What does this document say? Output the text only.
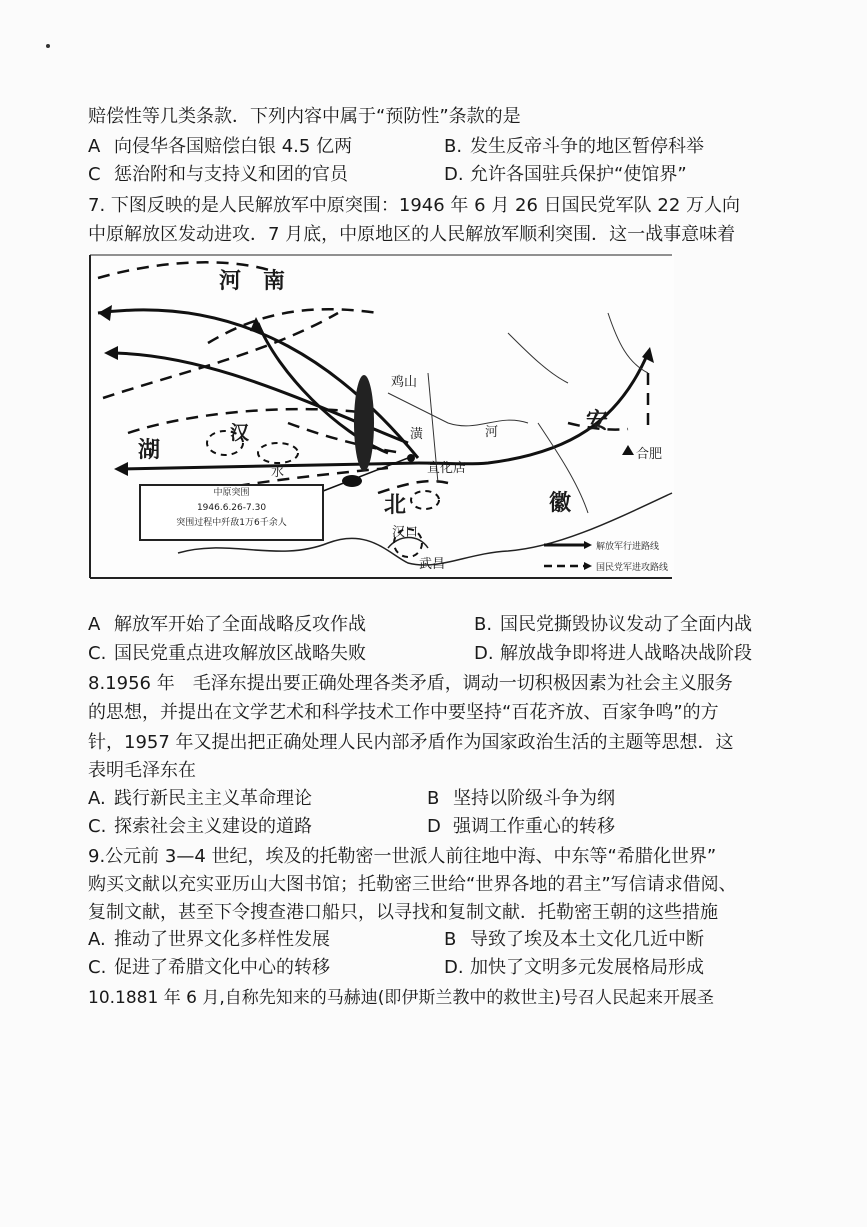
赔偿性等几类条款．下列内容中属于“预防性”条款的是
A 向侵华各国赔偿白银 4.5 亿两	B. 发生反帝斗争的地区暂停科举
C 惩治附和与支持义和团的官员	D. 允许各国驻兵保护“使馆界”
7. 下图反映的是人民解放军中原突围：1946 年 6 月 26 日国民党军队 22 万人向
中原解放区发动进攻．7 月底，中原地区的人民解放军顺利突围．这一战事意味着
河　南
湖
北
安
徽
汉
水
鸡山
潢	河
宣化店
合肥
汉口
武昌
中原突围
1946.6.26-7.30
突围过程中歼敌1万6千余人
解放军行进路线
国民党军进攻路线
A 解放军开始了全面战略反攻作战	B. 国民党撕毁协议发动了全面内战
C. 国民党重点进攻解放区战略失败	D. 解放战争即将进人战略决战阶段
8.1956 年　毛泽东提出要正确处理各类矛盾，调动一切积极因素为社会主义服务
的思想，并提出在文学艺术和科学技术工作中要坚持“百花齐放、百家争鸣”的方
针，1957 年又提出把正确处理人民内部矛盾作为国家政治生活的主题等思想．这
表明毛泽东在
A. 践行新民主主义革命理论	B 坚持以阶级斗争为纲
C. 探索社会主义建设的道路	D 强调工作重心的转移
9.公元前 3—4 世纪，埃及的托勒密一世派人前往地中海、中东等“希腊化世界”
购买文献以充实亚历山大图书馆；托勒密三世给“世界各地的君主”写信请求借阅、
复制文献，甚至下令搜查港口船只，以寻找和复制文献．托勒密王朝的这些措施
A. 推动了世界文化多样性发展	B 导致了埃及本土文化几近中断
C. 促进了希腊文化中心的转移	D. 加快了文明多元发展格局形成
10.1881 年 6 月,自称先知来的马赫迪(即伊斯兰教中的救世主)号召人民起来开展圣
